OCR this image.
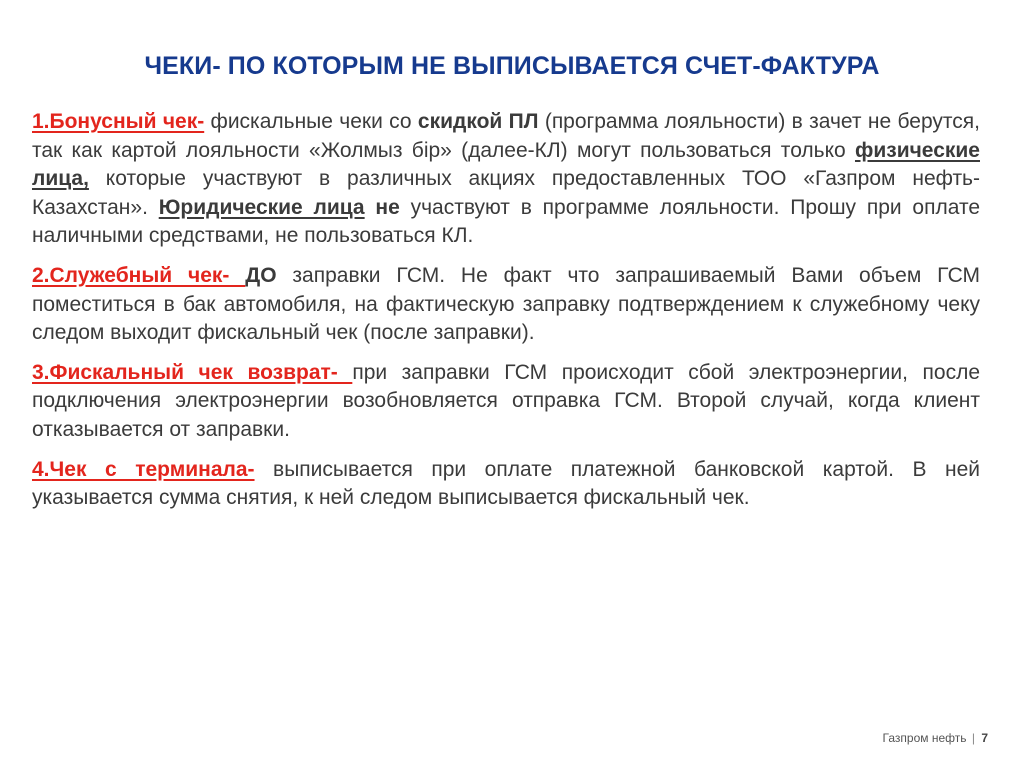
ЧЕКИ- ПО КОТОРЫМ НЕ ВЫПИСЫВАЕТСЯ СЧЕТ-ФАКТУРА

1.Бонусный чек- фискальные чеки со скидкой ПЛ (программа лояльности) в зачет не берутся, так как картой лояльности «Жолмыз бір» (далее-КЛ) могут пользоваться только физические лица, которые участвуют в различных акциях предоставленных ТОО «Газпром нефть-Казахстан». Юридические лица не участвуют в программе лояльности. Прошу при оплате наличными средствами, не пользоваться КЛ.

2.Служебный чек- ДО заправки ГСМ. Не факт что запрашиваемый Вами объем ГСМ поместиться в бак автомобиля, на фактическую заправку подтверждением к служебному чеку следом выходит фискальный чек (после заправки).

3.Фискальный чек возврат- при заправки ГСМ происходит сбой электроэнергии, после подключения электроэнергии возобновляется отправка ГСМ. Второй случай, когда клиент отказывается от заправки.

4.Чек с терминала- выписывается при оплате платежной банковской картой. В ней указывается сумма снятия, к ней следом выписывается фискальный чек.

Газпром нефть | 7
